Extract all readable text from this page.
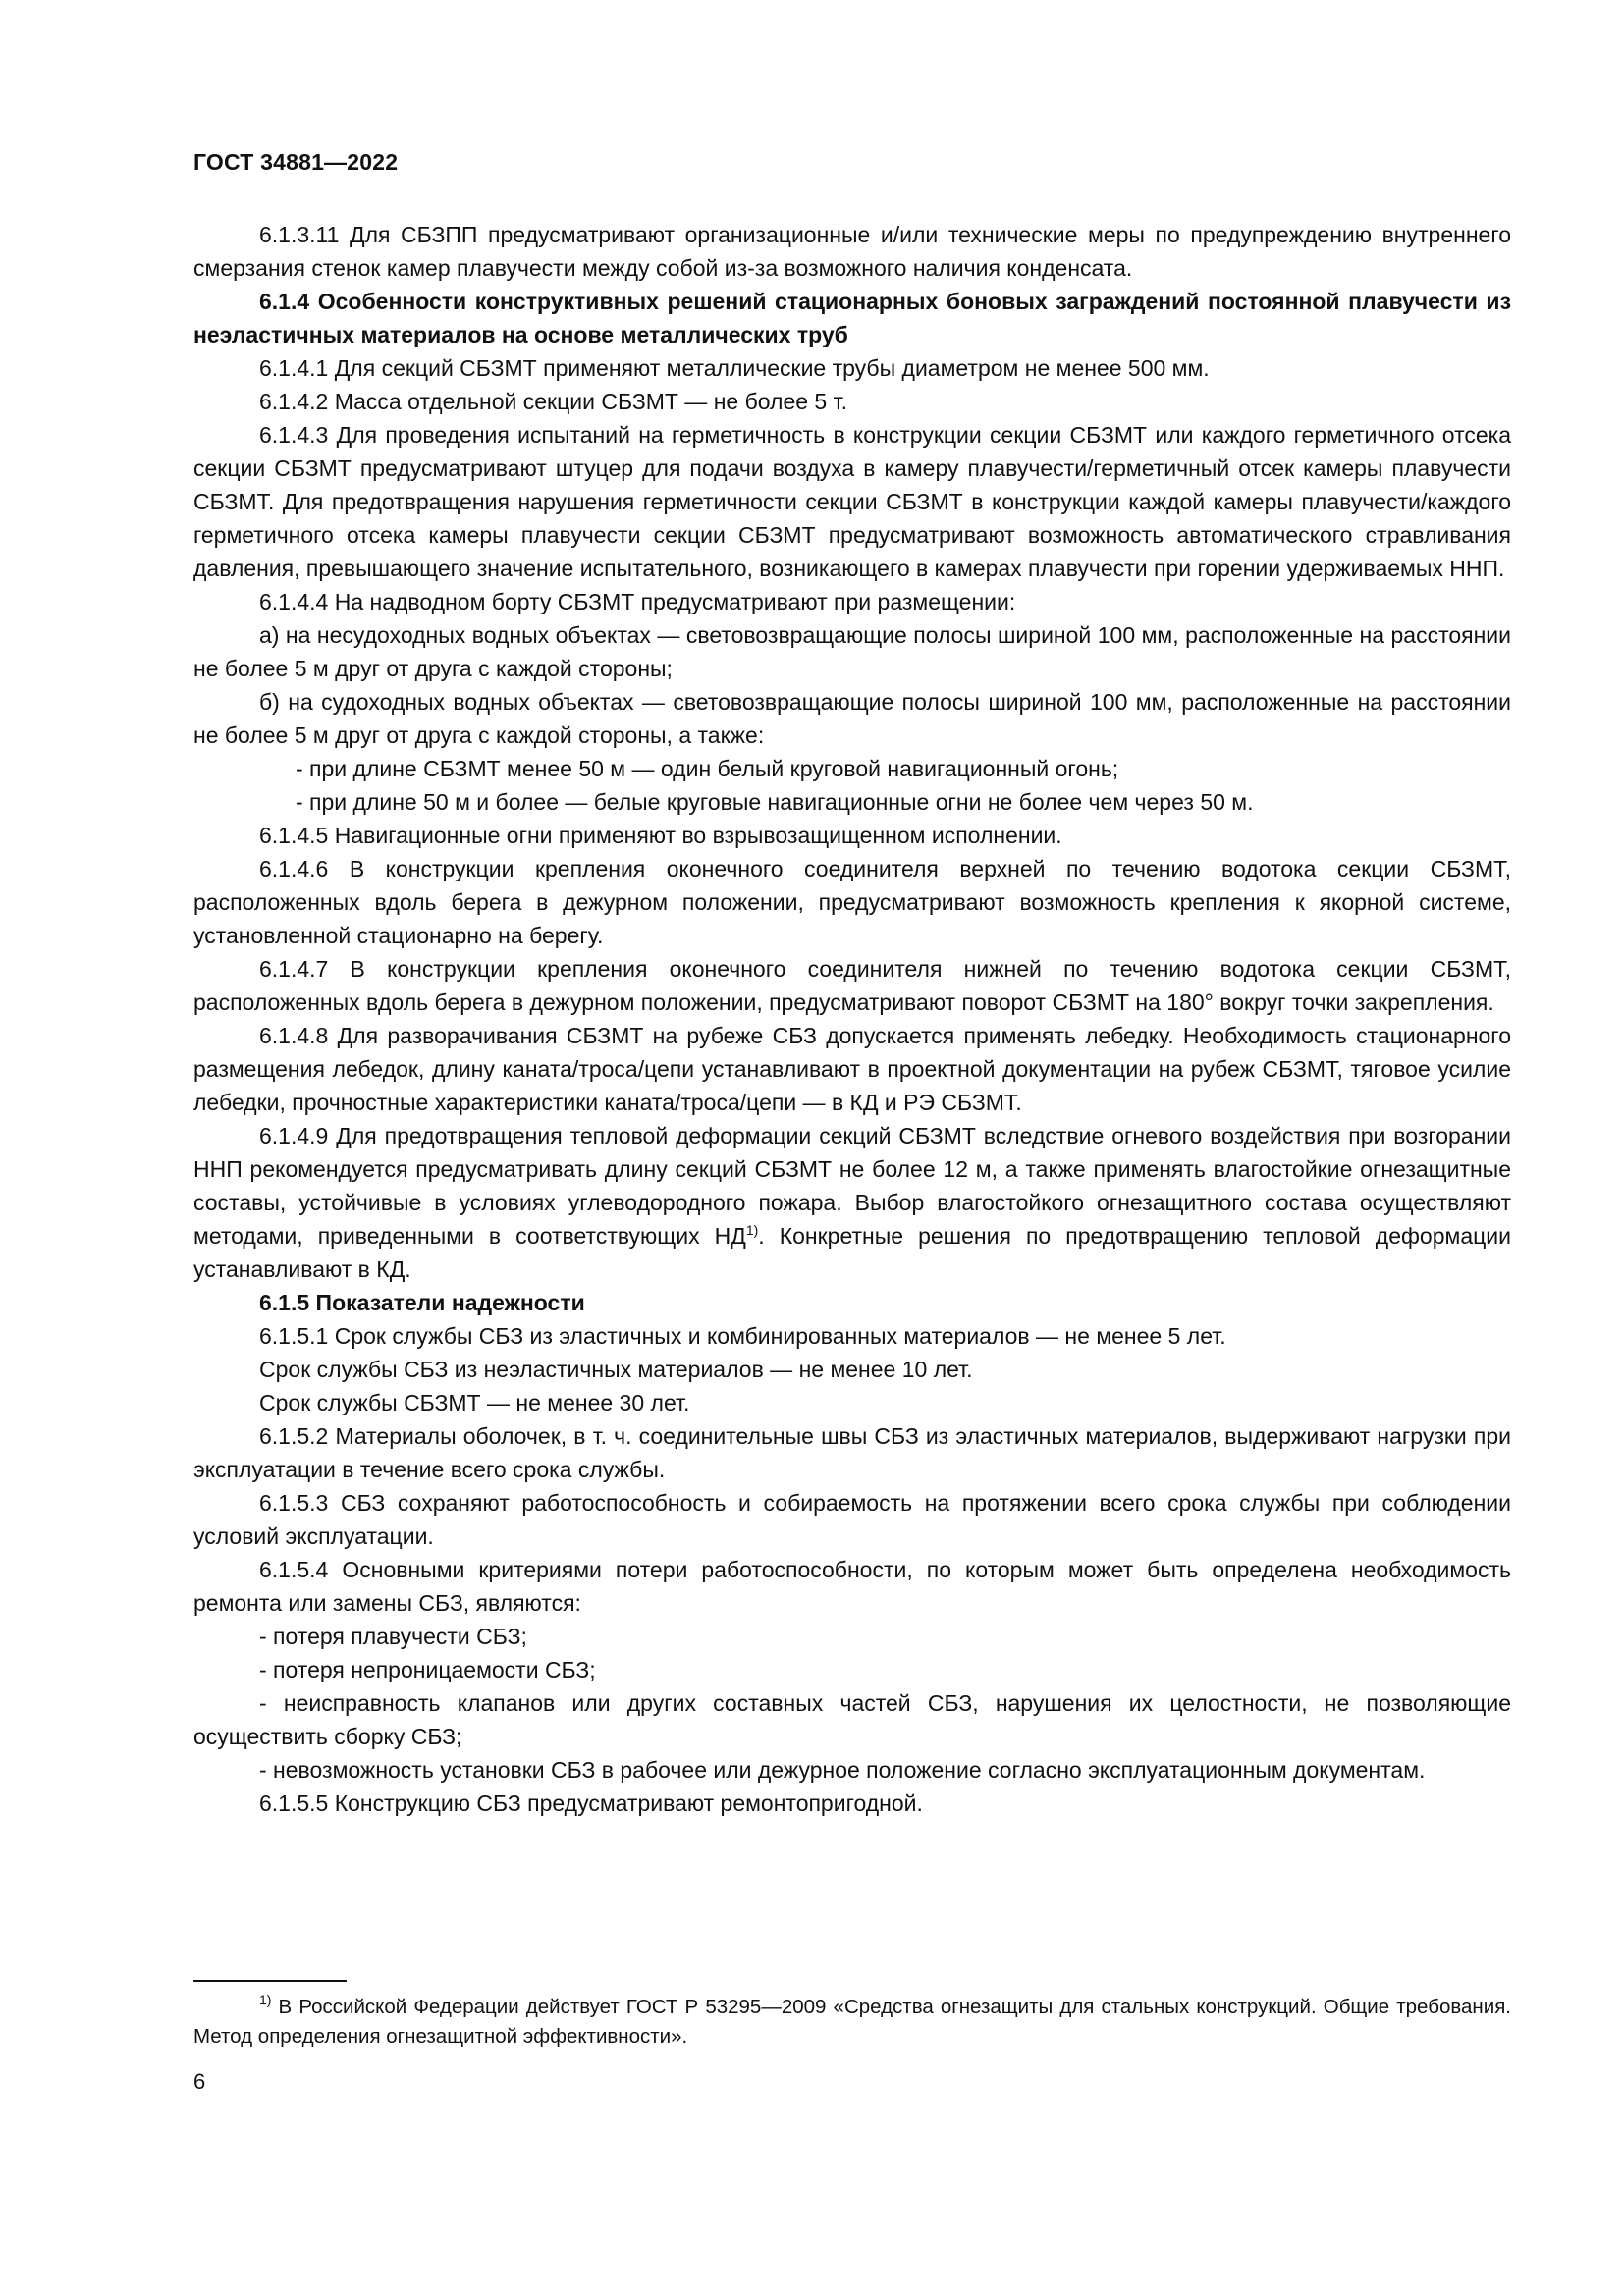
ГОСТ 34881—2022

6.1.3.11 Для СБЗПП предусматривают организационные и/или технические меры по предупреждению внутреннего смерзания стенок камер плавучести между собой из-за возможного наличия конденсата.

6.1.4 Особенности конструктивных решений стационарных боновых заграждений постоянной плавучести из неэластичных материалов на основе металлических труб

6.1.4.1 Для секций СБЗМТ применяют металлические трубы диаметром не менее 500 мм.

6.1.4.2 Масса отдельной секции СБЗМТ — не более 5 т.

6.1.4.3 Для проведения испытаний на герметичность в конструкции секции СБЗМТ или каждого герметичного отсека секции СБЗМТ предусматривают штуцер для подачи воздуха в камеру плавучести/герметичный отсек камеры плавучести СБЗМТ. Для предотвращения нарушения герметичности секции СБЗМТ в конструкции каждой камеры плавучести/каждого герметичного отсека камеры плавучести секции СБЗМТ предусматривают возможность автоматического стравливания давления, превышающего значение испытательного, возникающего в камерах плавучести при горении удерживаемых ННП.

6.1.4.4 На надводном борту СБЗМТ предусматривают при размещении:

а) на несудоходных водных объектах — световозвращающие полосы шириной 100 мм, расположенные на расстоянии не более 5 м друг от друга с каждой стороны;

б) на судоходных водных объектах — световозвращающие полосы шириной 100 мм, расположенные на расстоянии не более 5 м друг от друга с каждой стороны, а также:

- при длине СБЗМТ менее 50 м — один белый круговой навигационный огонь;

- при длине 50 м и более — белые круговые навигационные огни не более чем через 50 м.

6.1.4.5 Навигационные огни применяют во взрывозащищенном исполнении.

6.1.4.6 В конструкции крепления оконечного соединителя верхней по течению водотока секции СБЗМТ, расположенных вдоль берега в дежурном положении, предусматривают возможность крепления к якорной системе, установленной стационарно на берегу.

6.1.4.7 В конструкции крепления оконечного соединителя нижней по течению водотока секции СБЗМТ, расположенных вдоль берега в дежурном положении, предусматривают поворот СБЗМТ на 180° вокруг точки закрепления.

6.1.4.8 Для разворачивания СБЗМТ на рубеже СБЗ допускается применять лебедку. Необходимость стационарного размещения лебедок, длину каната/троса/цепи устанавливают в проектной документации на рубеж СБЗМТ, тяговое усилие лебедки, прочностные характеристики каната/троса/цепи — в КД и РЭ СБЗМТ.

6.1.4.9 Для предотвращения тепловой деформации секций СБЗМТ вследствие огневого воздействия при возгорании ННП рекомендуется предусматривать длину секций СБЗМТ не более 12 м, а также применять влагостойкие огнезащитные составы, устойчивые в условиях углеводородного пожара. Выбор влагостойкого огнезащитного состава осуществляют методами, приведенными в соответствующих НД$^{1)}$. Конкретные решения по предотвращению тепловой деформации устанавливают в КД.

6.1.5 Показатели надежности

6.1.5.1 Срок службы СБЗ из эластичных и комбинированных материалов — не менее 5 лет.

Срок службы СБЗ из неэластичных материалов — не менее 10 лет.

Срок службы СБЗМТ — не менее 30 лет.

6.1.5.2 Материалы оболочек, в т. ч. соединительные швы СБЗ из эластичных материалов, выдерживают нагрузки при эксплуатации в течение всего срока службы.

6.1.5.3 СБЗ сохраняют работоспособность и собираемость на протяжении всего срока службы при соблюдении условий эксплуатации.

6.1.5.4 Основными критериями потери работоспособности, по которым может быть определена необходимость ремонта или замены СБЗ, являются:

- потеря плавучести СБЗ;

- потеря непроницаемости СБЗ;

- неисправность клапанов или других составных частей СБЗ, нарушения их целостности, не позволяющие осуществить сборку СБЗ;

- невозможность установки СБЗ в рабочее или дежурное положение согласно эксплуатационным документам.

6.1.5.5 Конструкцию СБЗ предусматривают ремонтопригодной.

$^{1)}$ В Российской Федерации действует ГОСТ Р 53295—2009 «Средства огнезащиты для стальных конструкций. Общие требования. Метод определения огнезащитной эффективности».

6
